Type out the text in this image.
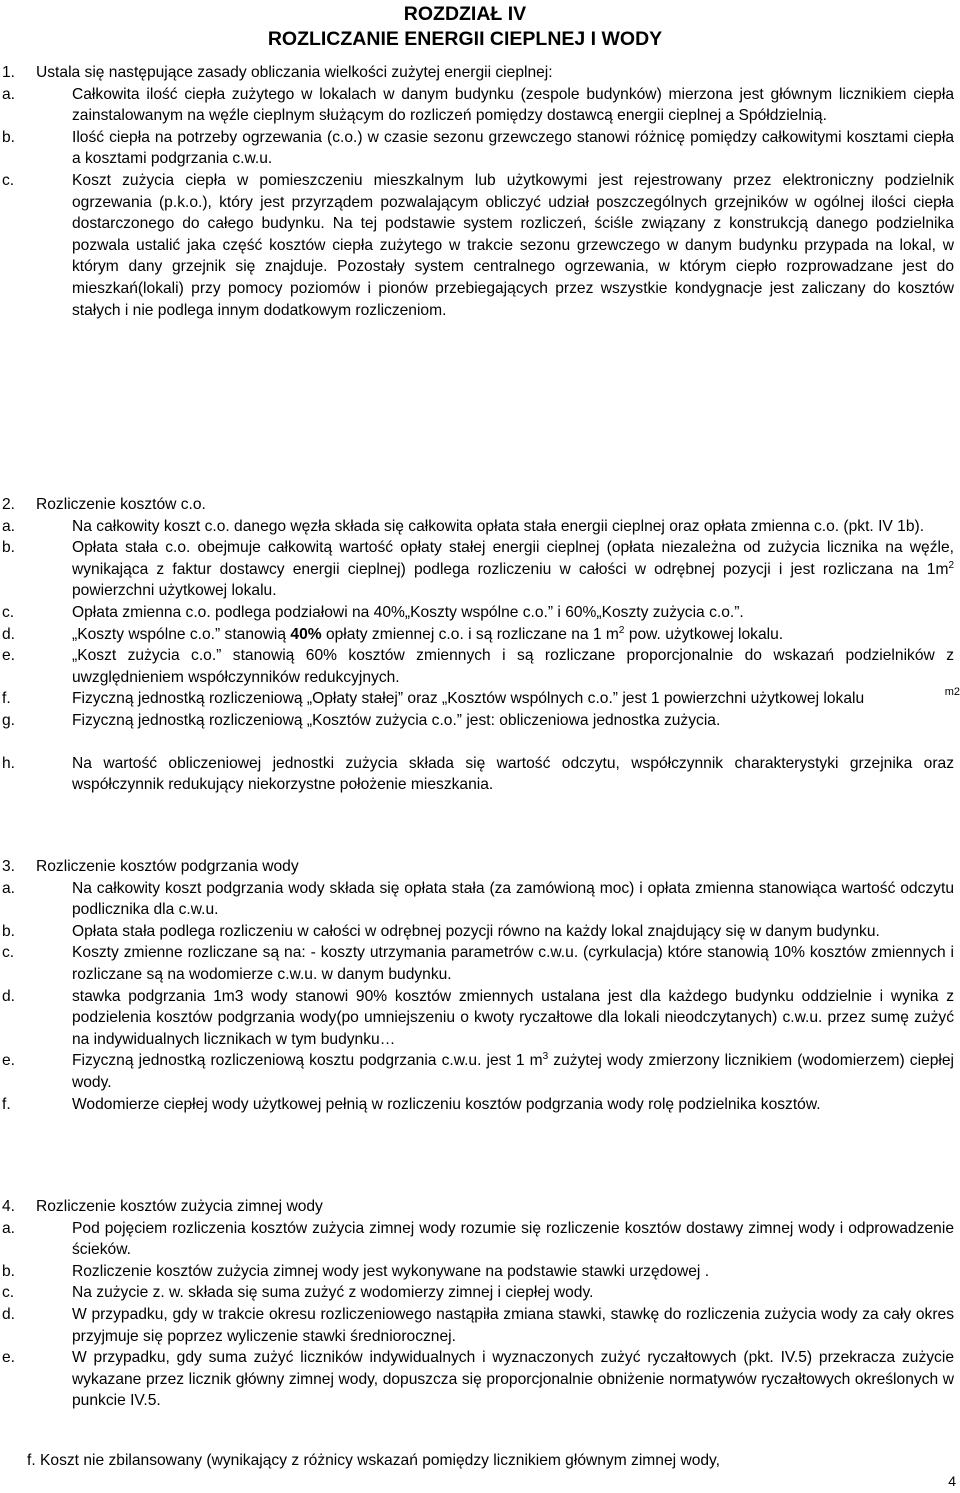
ROZDZIAŁ IV
ROZLICZANIE ENERGII CIEPLNEJ I WODY
1.	Ustala się następujące zasady obliczania wielkości zużytej energii cieplnej:
a.	Całkowita ilość ciepła zużytego w lokalach w danym budynku (zespole budynków) mierzona jest głównym licznikiem ciepła zainstalowanym na węźle cieplnym służącym do rozliczeń pomiędzy dostawcą energii cieplnej a Spółdzielnią.
b.	Ilość ciepła na potrzeby ogrzewania (c.o.) w czasie sezonu grzewczego stanowi różnicę pomiędzy całkowitymi kosztami ciepła a kosztami podgrzania c.w.u.
c.	Koszt zużycia ciepła w pomieszczeniu mieszkalnym lub użytkowymi jest rejestrowany przez elektroniczny podzielnik ogrzewania (p.k.o.), który jest przyrządem pozwalającym obliczyć udział poszczególnych grzejników w ogólnej ilości ciepła dostarczonego do całego budynku. Na tej podstawie system rozliczeń, ściśle związany z konstrukcją danego podzielnika pozwala ustalić jaka część kosztów ciepła zużytego w trakcie sezonu grzewczego w danym budynku przypada na lokal, w którym dany grzejnik się znajduje. Pozostały system centralnego ogrzewania, w którym ciepło rozprowadzane jest do mieszkań(lokali) przy pomocy poziomów i pionów przebiegających przez wszystkie kondygnacje jest zaliczany do kosztów stałych i nie podlega innym dodatkowym rozliczeniom.
2.	Rozliczenie kosztów c.o.
a.	Na całkowity koszt c.o. danego węzła składa się całkowita opłata stała energii cieplnej oraz opłata zmienna c.o. (pkt. IV 1b).
b.	Opłata stała c.o. obejmuje całkowitą wartość opłaty stałej energii cieplnej (opłata niezależna od zużycia licznika na węźle, wynikająca z faktur dostawcy energii cieplnej) podlega rozliczeniu w całości w odrębnej pozycji i jest rozliczana na $1m^2$ powierzchni użytkowej lokalu.
c.	Opłata zmienna c.o. podlega podziałowi na 40%„Koszty wspólne c.o.” i 60%„Koszty zużycia c.o.”.
d.	„Koszty wspólne c.o.” stanowią 40% opłaty zmiennej c.o. i są rozliczane na 1 $m^2$ pow. użytkowej lokalu.
e.	„Koszt zużycia c.o.” stanowią 60% kosztów zmiennych i są rozliczane proporcjonalnie do wskazań podzielników z uwzględnieniem współczynników redukcyjnych.
f.	Fizyczną jednostką rozliczeniową „Opłaty stałej” oraz „Kosztów wspólnych c.o.” jest 1 powierzchni użytkowej lokalu	m2
g.	Fizyczną jednostką rozliczeniową „Kosztów zużycia c.o.” jest: obliczeniowa jednostka zużycia.
h.	Na wartość obliczeniowej jednostki zużycia składa się wartość odczytu, współczynnik charakterystyki grzejnika oraz współczynnik redukujący niekorzystne położenie mieszkania.
3.	Rozliczenie kosztów podgrzania wody
a.	Na całkowity koszt podgrzania wody składa się opłata stała (za zamówioną moc) i opłata zmienna stanowiąca wartość odczytu podlicznika dla c.w.u.
b.	Opłata stała podlega rozliczeniu w całości w odrębnej pozycji równo na każdy lokal znajdujący się w danym budynku.
c.	Koszty zmienne rozliczane są na: - koszty utrzymania parametrów c.w.u. (cyrkulacja) które stanowią 10% kosztów zmiennych i rozliczane są na wodomierze c.w.u. w danym budynku.
d.	stawka podgrzania 1m3 wody stanowi 90% kosztów zmiennych ustalana jest dla każdego budynku oddzielnie i wynika z podzielenia kosztów podgrzania wody(po umniejszeniu o kwoty ryczałtowe dla lokali nieodczytanych) c.w.u. przez sumę zużyć na indywidualnych licznikach w tym budynku…
e.	Fizyczną jednostką rozliczeniową kosztu podgrzania c.w.u. jest 1 $m^3$ zużytej wody zmierzony licznikiem (wodomierzem) ciepłej wody.
f.	Wodomierze ciepłej wody użytkowej pełnią w rozliczeniu kosztów podgrzania wody rolę podzielnika kosztów.
4.	Rozliczenie kosztów zużycia zimnej wody
a.	Pod pojęciem rozliczenia kosztów zużycia zimnej wody rozumie się rozliczenie kosztów dostawy zimnej wody i odprowadzenie ścieków.
b.	Rozliczenie kosztów zużycia zimnej wody jest wykonywane na podstawie stawki urzędowej .
c.	Na zużycie z. w. składa się suma zużyć z wodomierzy zimnej i ciepłej wody.
d.	W przypadku, gdy w trakcie okresu rozliczeniowego nastąpiła zmiana stawki, stawkę do rozliczenia zużycia wody za cały okres przyjmuje się poprzez wyliczenie stawki średniorocznej.
e.	W przypadku, gdy suma zużyć liczników indywidualnych i wyznaczonych zużyć ryczałtowych (pkt. IV.5) przekracza zużycie wykazane przez licznik główny zimnej wody, dopuszcza się proporcjonalnie obniżenie normatywów ryczałtowych określonych w punkcie IV.5.
f. Koszt nie zbilansowany (wynikający z różnicy wskazań pomiędzy licznikiem głównym zimnej wody,
4
